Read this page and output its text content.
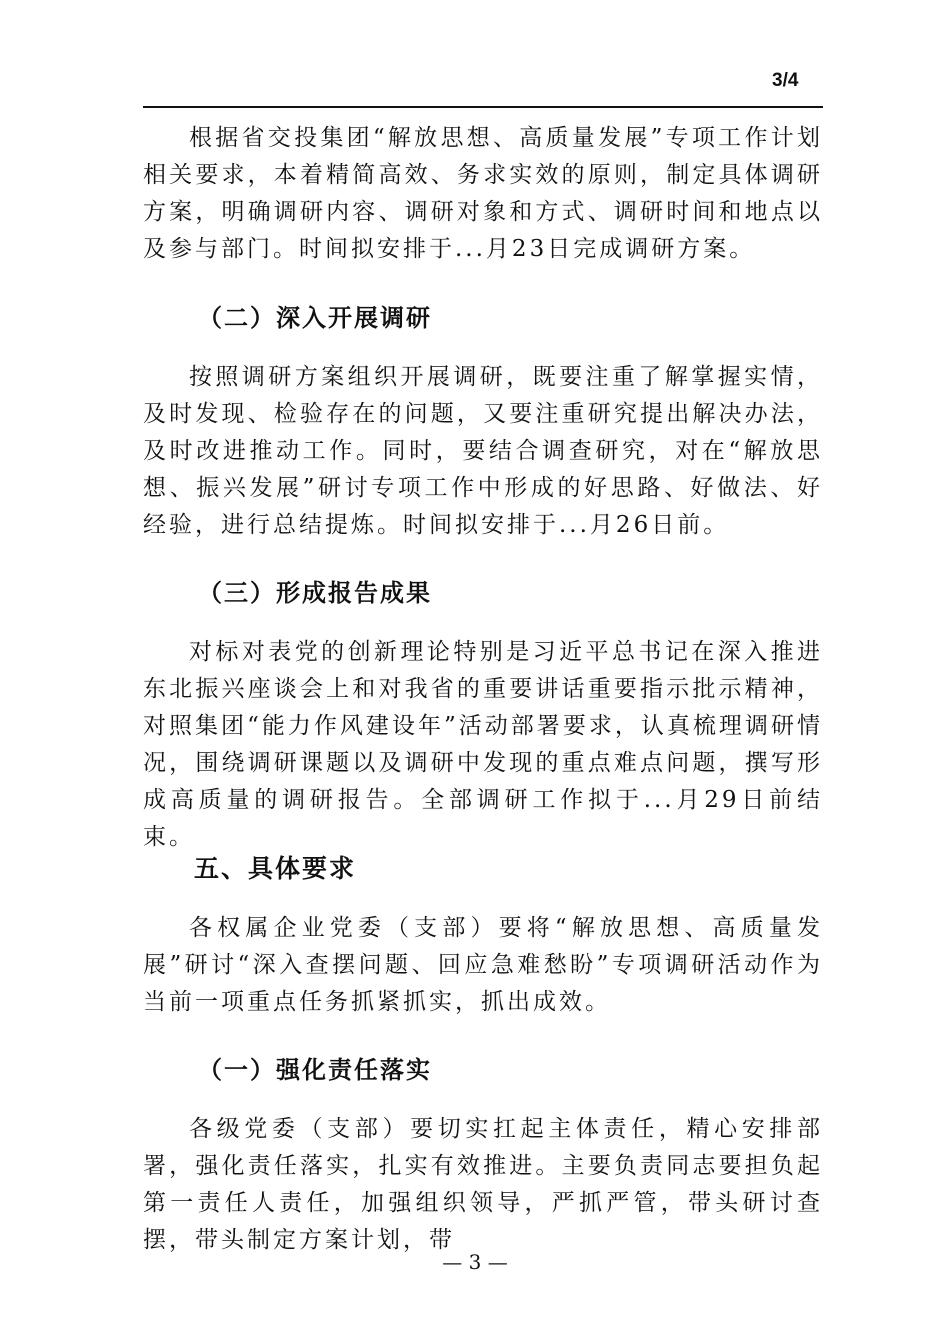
3/4

根据省交投集团“解放思想、高质量发展”专项工作计划相关要求，本着精简高效、务求实效的原则，制定具体调研方案，明确调研内容、调研对象和方式、调研时间和地点以及参与部门。时间拟安排于...月23日完成调研方案。

（二）深入开展调研

按照调研方案组织开展调研，既要注重了解掌握实情，及时发现、检验存在的问题，又要注重研究提出解决办法，及时改进推动工作。同时，要结合调查研究，对在“解放思想、振兴发展”研讨专项工作中形成的好思路、好做法、好经验，进行总结提炼。时间拟安排于...月26日前。

（三）形成报告成果

对标对表党的创新理论特别是习近平总书记在深入推进东北振兴座谈会上和对我省的重要讲话重要指示批示精神，对照集团“能力作风建设年”活动部署要求，认真梳理调研情况，围绕调研课题以及调研中发现的重点难点问题，撰写形成高质量的调研报告。全部调研工作拟于...月29日前结束。

五、具体要求

各权属企业党委（支部）要将“解放思想、高质量发展”研讨“深入查摆问题、回应急难愁盼”专项调研活动作为当前一项重点任务抓紧抓实，抓出成效。

（一）强化责任落实

各级党委（支部）要切实扛起主体责任，精心安排部署，强化责任落实，扎实有效推进。主要负责同志要担负起第一责任人责任，加强组织领导，严抓严管，带头研讨查摆，带头制定方案计划，带

— 3 —
